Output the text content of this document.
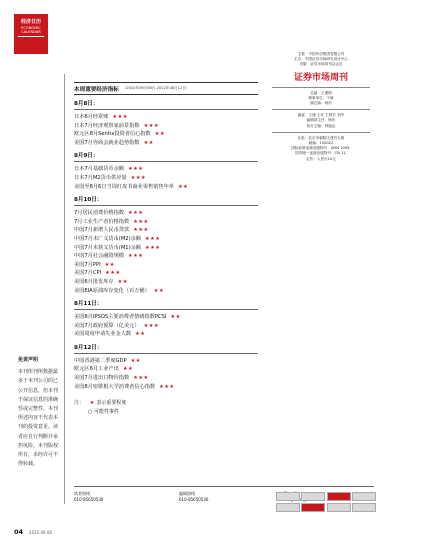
经济日历
ECONOMIC CALENDAR
免责声明
本刊所刊所数据最多于本刊公司的已公开信息，但本刊不保证信息的准确性或完整性。本刊所述内容不代表本刊的投资意见。读者应自行判断并承担风险。本刊版权所有，未经许可不得转载。
本周重要经济指标 （2022年08月08日-2022年08月12日）
8月8日：
日本6月经常账 ★★★
日本7月经济观察家前景指数 ★★★
欧元区8月Sentix投资者信心指数 ★★
美国7月咨商会就业趋势指数 ★★
8月9日：
日本7月基础货币余额 ★★★
日本7月M2货币供应量 ★★★
美国至8月6日当周红皮书商业零售销售年率 ★★
8月10日：
7月居民消费价格指数 ★★★
7月工业生产者价格指数 ★★★
中国7月新增人民币贷款 ★★★
中国7月末广义货币(M2)余额 ★★★
中国7月末狭义货币(M1)余额 ★★★
中国7月社会融资规模 ★★★
美国7月PPI ★★
美国7月CPI ★★★
美国6月批发库存 ★★
美国EIA原油库存变化（百万桶） ★★
8月11日：
美国8月IPSOS主要消费者情绪指数PCSI ★★
美国7月政府预算（亿美元） ★★★
美国周度申请失业金人数 ★★
8月12日：
中国香港第二季度GDP ★★
欧元区6月工业产出 ★★
美国7月进出口物价指数 ★★★
美国8月密歇根大学消费者信心指数 ★★★
注： ★ 表示重要程度
○ 可能性事件
主管：中国中信集团有限公司
主办：中国证券市场研究设计中心
出版：证券市场周刊杂志社
证券市场周刊
总编：王谨明
理事单位：于威
副总编：杨东
编委：王谨 王安 王林宏 刘中
编辑部主任：杨东
执行主编：钟福达
社址：北京市朝阳区建外大街
邮编：100022
国际标准连续出版物号：ISSN 1005-
国内统一连续出版物号：CN 11-
定价：人民币10元
读者热线：
010-85650530
编辑热线：
010-85650530
04 2022.08.08
